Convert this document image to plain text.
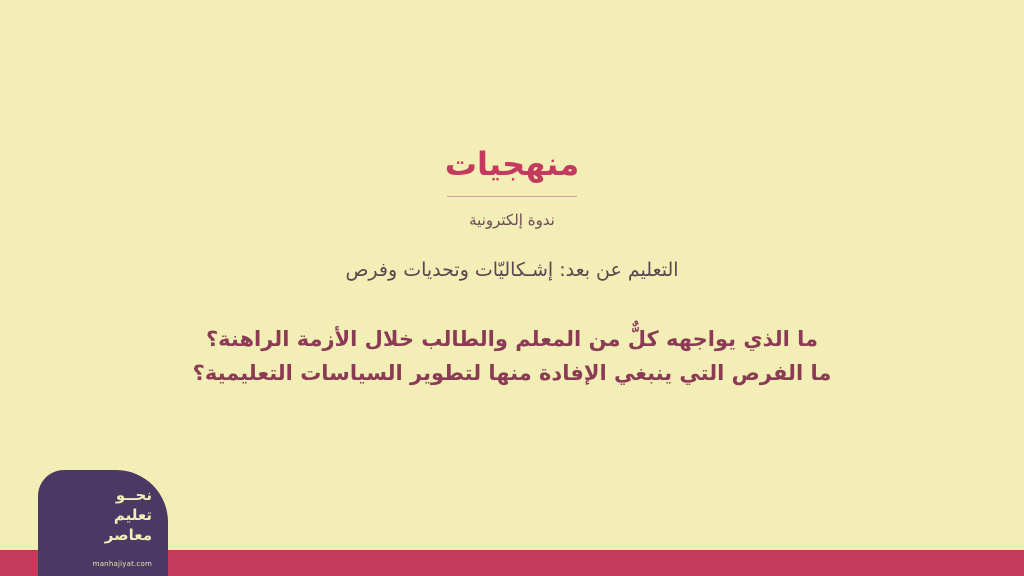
منهجيات
ندوة إلكترونية
التعليم عن بعد: إشـكاليّات وتحديات وفرص
ما الذي يواجهه كلٌّ من المعلم والطالب خلال الأزمة الراهنة؟
ما الفرص التي ينبغي الإفادة منها لتطوير السياسات التعليمية؟
نحــو
تعليم
معاصر
manhajiyat.com
